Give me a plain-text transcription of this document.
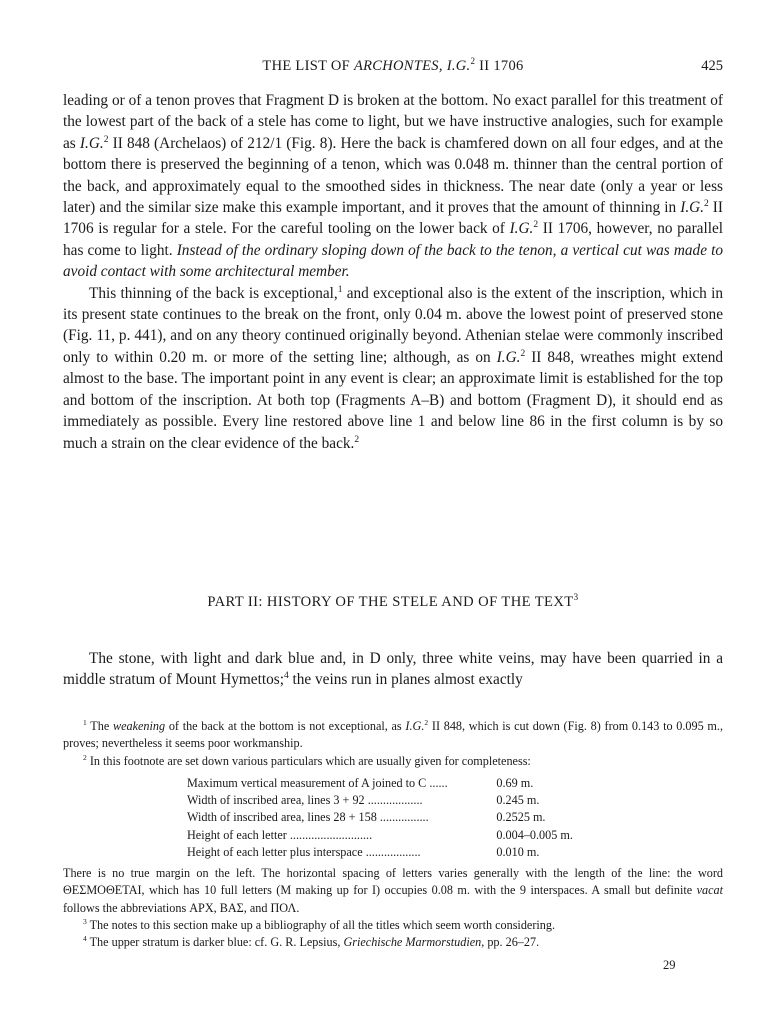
THE LIST OF ARCHONTES, I.G.$^2$ II 1706	425

leading or of a tenon proves that Fragment D is broken at the bottom. No exact parallel for this treatment of the lowest part of the back of a stele has come to light, but we have instructive analogies, such for example as I.G.$^2$ II 848 (Archelaos) of 212/1 (Fig. 8). Here the back is chamfered down on all four edges, and at the bottom there is preserved the beginning of a tenon, which was 0.048 m. thinner than the central portion of the back, and approximately equal to the smoothed sides in thickness. The near date (only a year or less later) and the similar size make this example important, and it proves that the amount of thinning in I.G.$^2$ II 1706 is regular for a stele. For the careful tooling on the lower back of I.G.$^2$ II 1706, however, no parallel has come to light. Instead of the ordinary sloping down of the back to the tenon, a vertical cut was made to avoid contact with some architectural member.

This thinning of the back is exceptional,$^1$ and exceptional also is the extent of the inscription, which in its present state continues to the break on the front, only 0.04 m. above the lowest point of preserved stone (Fig. 11, p. 441), and on any theory continued originally beyond. Athenian stelae were commonly inscribed only to within 0.20 m. or more of the setting line; although, as on I.G.$^2$ II 848, wreathes might extend almost to the base. The important point in any event is clear; an approximate limit is established for the top and bottom of the inscription. At both top (Fragments A–B) and bottom (Fragment D), it should end as immediately as possible. Every line restored above line 1 and below line 86 in the first column is by so much a strain on the clear evidence of the back.$^2$

PART II: HISTORY OF THE STELE AND OF THE TEXT$^3$

The stone, with light and dark blue and, in D only, three white veins, may have been quarried in a middle stratum of Mount Hymettos;$^4$ the veins run in planes almost exactly

$^1$ The weakening of the back at the bottom is not exceptional, as I.G.$^2$ II 848, which is cut down (Fig. 8) from 0.143 to 0.095 m., proves; nevertheless it seems poor workmanship.

$^2$ In this footnote are set down various particulars which are usually given for completeness:

Maximum vertical measurement of A joined to C ......	0.69 m.
Width of inscribed area, lines 3 + 92 ..................	0.245 m.
Width of inscribed area, lines 28 + 158 ................	0.2525 m.
Height of each letter ...........................	0.004–0.005 m.
Height of each letter plus interspace ..................	0.010 m.

There is no true margin on the left. The horizontal spacing of letters varies generally with the length of the line: the word ΘΕΣΜΟΘΕΤΑΙ, which has 10 full letters (M making up for I) occupies 0.08 m. with the 9 interspaces. A small but definite vacat follows the abbreviations ΑΡΧ, ΒΑΣ, and ΠΟΛ.

$^3$ The notes to this section make up a bibliography of all the titles which seem worth considering.

$^4$ The upper stratum is darker blue: cf. G. R. Lepsius, Griechische Marmorstudien, pp. 26–27.

29
